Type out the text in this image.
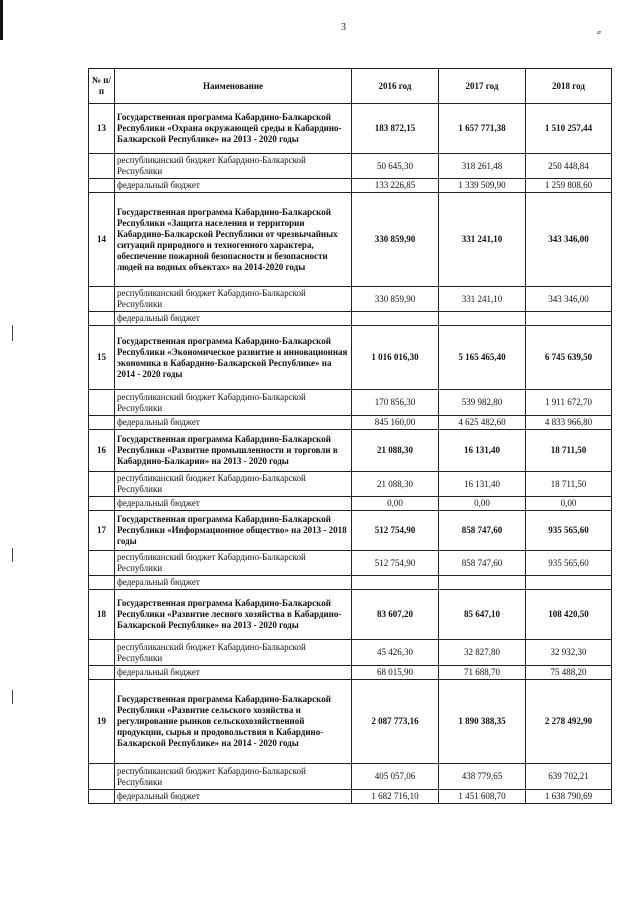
3
№ п/п	Наименование	2016 год	2017 год	2018 год
13	Государственная программа Кабардино-Балкарской Республики «Охрана окружающей среды в Кабардино-Балкарской Республике» на 2013 - 2020 годы	183 872,15	1 657 771,38	1 510 257,44
	республиканский бюджет Кабардино-Балкарской Республики	50 645,30	318 261,48	250 448,84
	федеральный бюджет	133 226,85	1 339 509,90	1 259 808,60
14	Государственная программа Кабардино-Балкарской Республики «Защита населения и территории Кабардино-Балкарской Республики от чрезвычайных ситуаций природного и техногенного характера, обеспечение пожарной безопасности и безопасности людей на водных объектах» на 2014-2020 годы	330 859,90	331 241,10	343 346,00
	республиканский бюджет Кабардино-Балкарской Республики	330 859,90	331 241,10	343 346,00
	федеральный бюджет			
15	Государственная программа Кабардино-Балкарской Республики «Экономическое развитие и инновационная экономика в Кабардино-Балкарской Республике» на 2014 - 2020 годы	1 016 016,30	5 165 465,40	6 745 639,50
	республиканский бюджет Кабардино-Балкарской Республики	170 856,30	539 982,80	1 911 672,70
	федеральный бюджет	845 160,00	4 625 482,60	4 833 966,80
16	Государственная программа Кабардино-Балкарской Республики «Развитие промышленности и торговли в Кабардино-Балкарии» на 2013 - 2020 годы	21 088,30	16 131,40	18 711,50
	республиканский бюджет Кабардино-Балкарской Республики	21 088,30	16 131,40	18 711,50
	федеральный бюджет	0,00	0,00	0,00
17	Государственная программа Кабардино-Балкарской Республики «Информационное общество» на 2013 - 2018 годы	512 754,90	858 747,60	935 565,60
	республиканский бюджет Кабардино-Балкарской Республики	512 754,90	858 747,60	935 565,60
	федеральный бюджет			
18	Государственная программа Кабардино-Балкарской Республики «Развитие лесного хозяйства в Кабардино-Балкарской Республике» на 2013 - 2020 годы	83 607,20	85 647,10	108 420,50
	республиканский бюджет Кабардино-Балкарской Республики	45 426,30	32 827,80	32 932,30
	федеральный бюджет	68 015,90	71 688,70	75 488,20
19	Государственная программа Кабардино-Балкарской Республики «Развитие сельского хозяйства и регулирование рынков сельскохозяйственной продукции, сырья и продовольствия в Кабардино-Балкарской Республике» на 2014 - 2020 годы	2 087 773,16	1 890 388,35	2 278 492,90
	республиканский бюджет Кабардино-Балкарской Республики	405 057,06	438 779,65	639 702,21
	федеральный бюджет	1 682 716,10	1 451 608,70	1 638 790,69
